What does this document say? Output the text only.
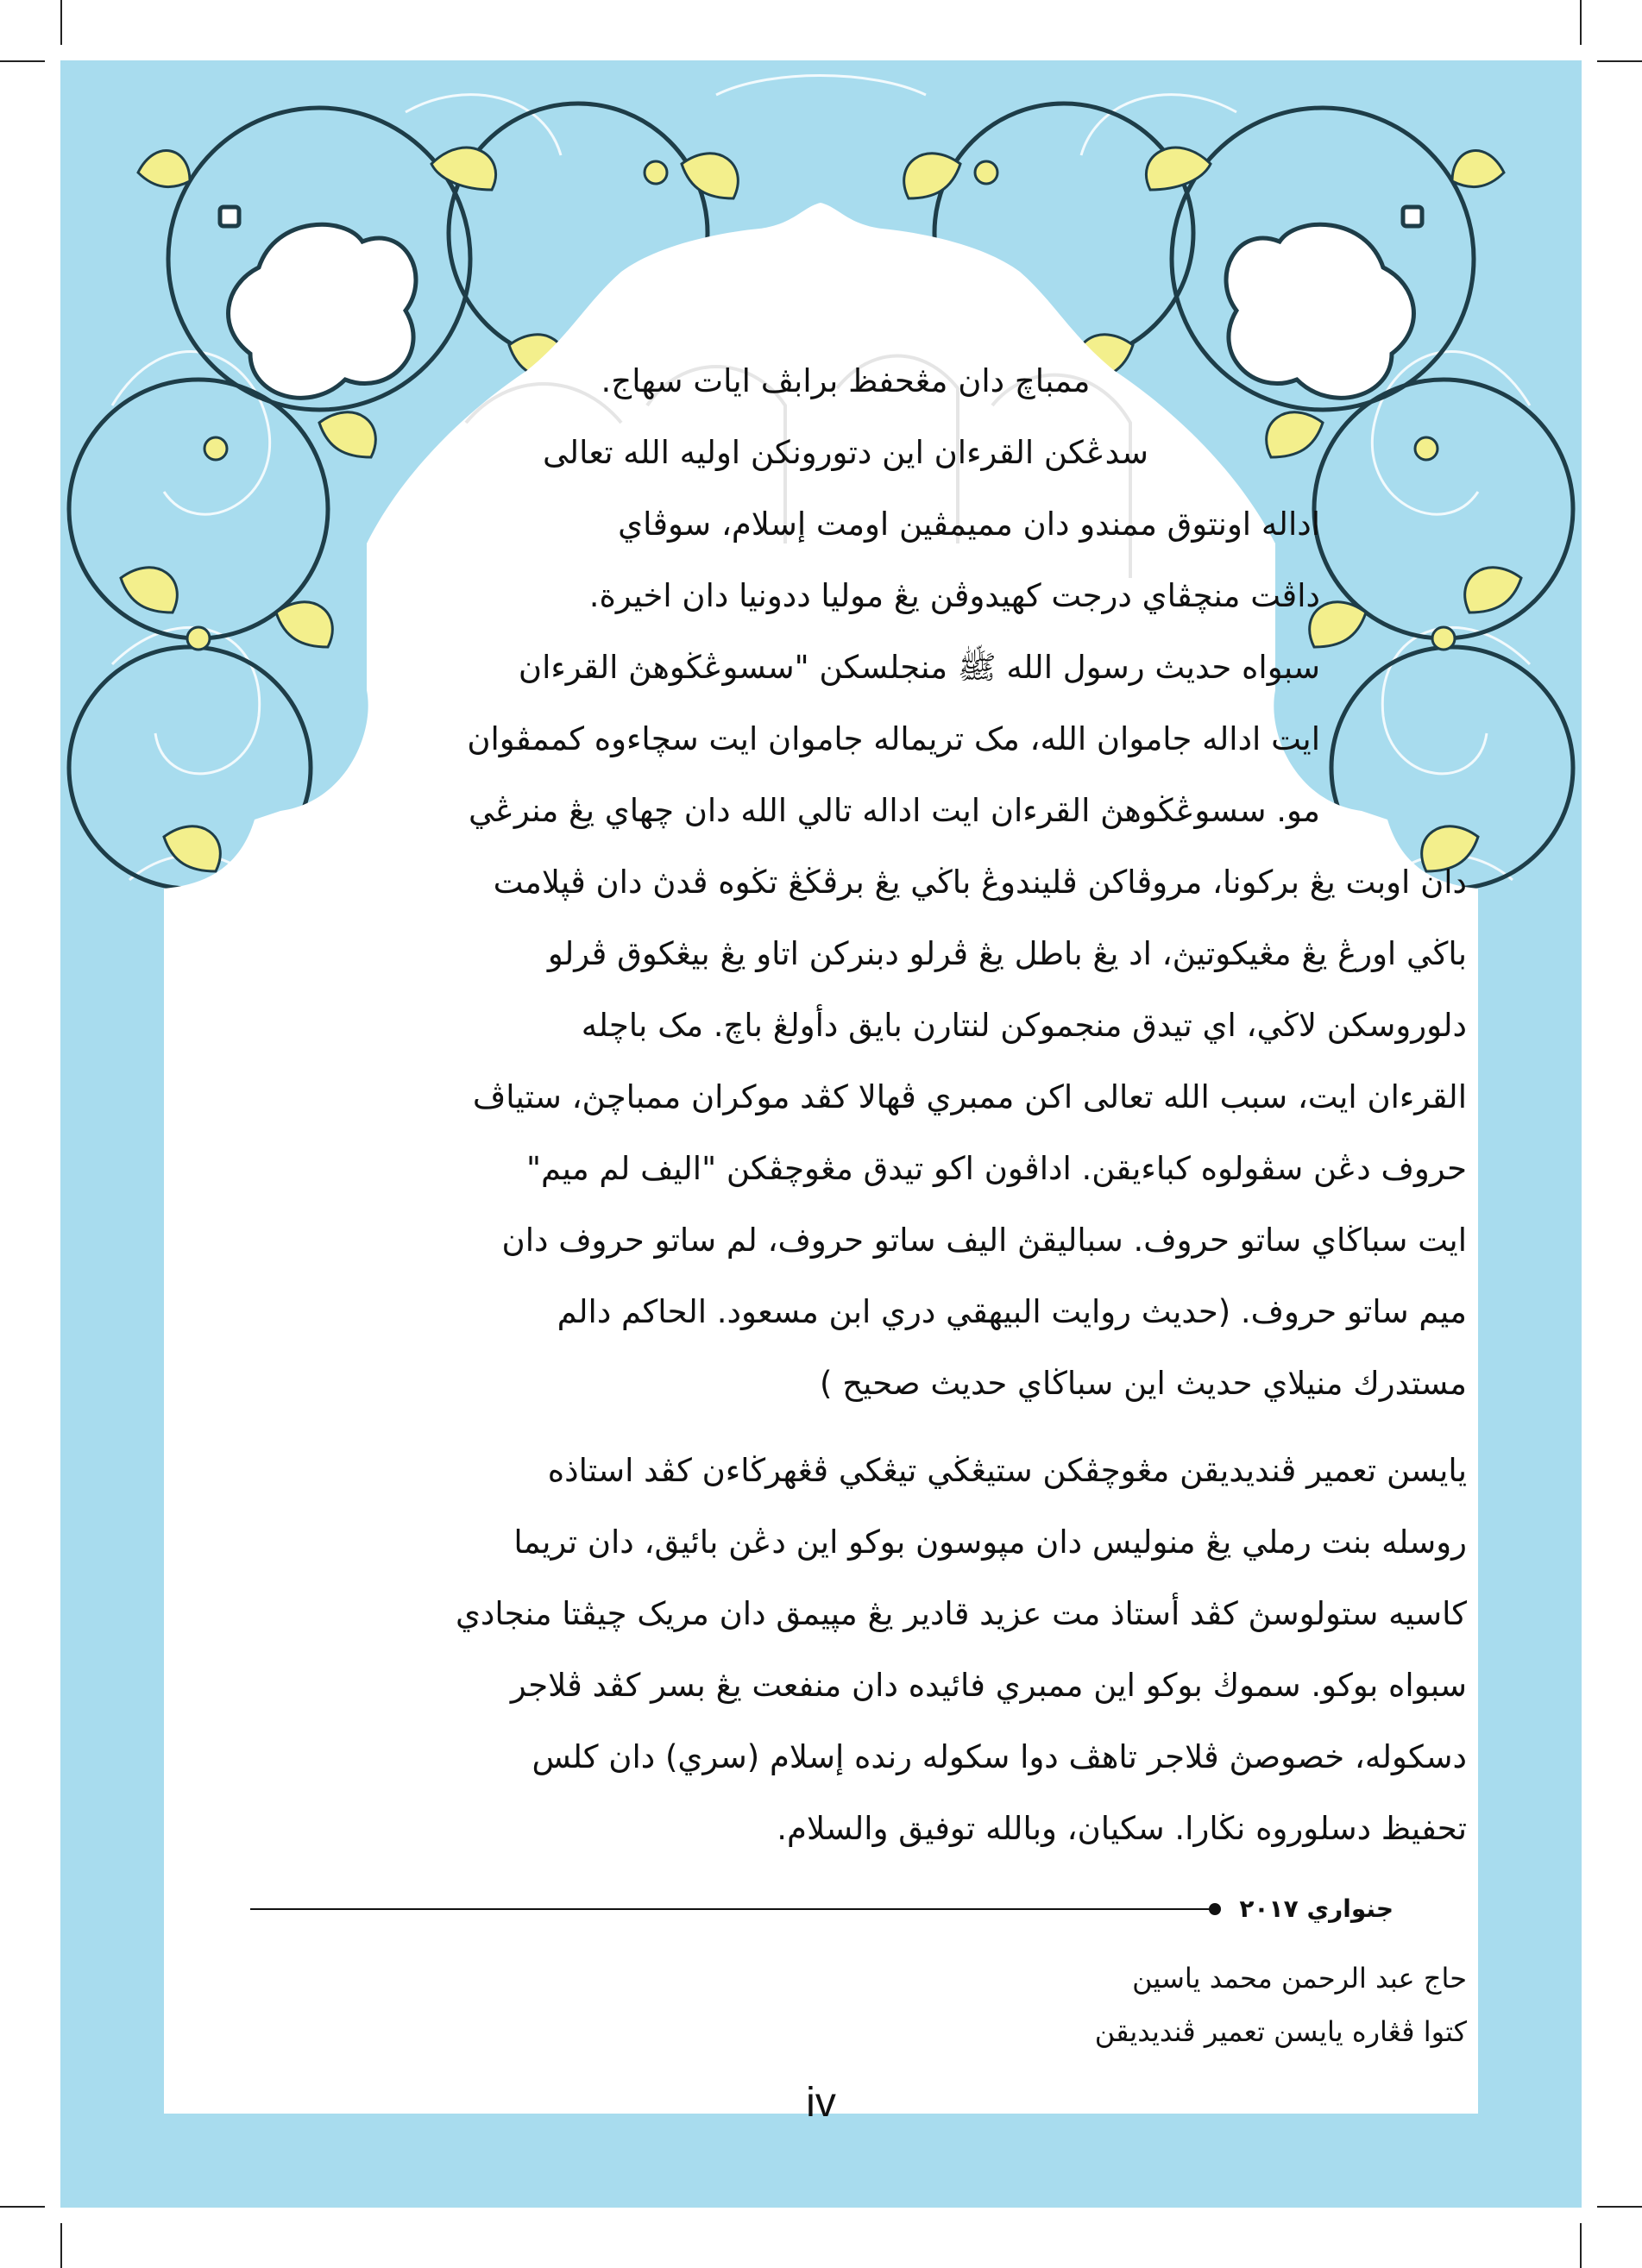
ممباچ دان مڠحفظ برابڤ ايات سهاج.

سدڠکن القرءان اين دتورونکن اوليه الله تعالى

اداله اونتوق ممندو دان ممیمڤين اومت إسلام، سوڤاي

داڤت منچڤاي درجت کهيدوڤن يڠ موليا ددونيا دان اخيرة.

سبواه حديث رسول الله ﷺ منجلسکن "سسوڠڬوهڽ القرءان

ايت اداله جاموان الله، مک تريماله جاموان ايت سچاءوه کممڤوان

مو. سسوڠڬوهڽ القرءان ايت اداله تالي الله دان چهاي يڠ منرڠي

دان اوبت يڠ برکونا، مروڤاکن ڤليندوڠ باڬي يڠ برڤڬڠ تڬوه ڤدڽ دان ڤپلامت

باڬي اورڠ يڠ مڠيکوتيڽ، اد يڠ باطل يڠ ڤرلو دبنرکن اتاو يڠ بيڠکوق ڤرلو

دلوروسکن لاڬي، اي تيدق منجموکن لنتارن بايق دأولڠ باچ. مک باچله

القرءان ايت، سبب الله تعالى اکن ممبري ڤهالا کڤد موکران ممباچڽ، ستياڤ

حروف دڠن سڤولوه کباءيقن. اداڤون اکو تيدق مڠوچڤکن "اليف لم ميم"

ايت سباڬاي ساتو حروف. سباليقڽ اليف ساتو حروف، لم ساتو حروف دان

ميم ساتو حروف. (حديث روايت البيهقي دري ابن مسعود. الحاکم دالم

مستدرك منيلاي حديث اين سباڬاي حديث صحيح )

يايسن تعمير ڤنديديقن مڠوچڤکن ستيڠڬي تيڠکي ڤڠهرڬاءن کڤد استاذه

روسله بنت رملي يڠ منوليس دان مپوسون بوکو اين دڠن بائيق، دان تريما

کاسيه ستولوسڽ کڤد أستاذ مت عزيد قادير يڠ مپيمق دان مريک چيڤتا منجادي

سبواه بوکو. سموڬ بوکو اين ممبري فائيده دان منفعت يڠ بسر کڤد ڤلاجر

دسکوله، خصوصڽ ڤلاجر تاهڤ دوا سکوله رنده إسلام (سري) دان کلس

تحفيظ دسلوروه نڬارا. سکيان، وبالله توفيق والسلام.

جنواري ٢٠١٧
حاج عبد الرحمن محمد ياسين
کتوا ڤڠاره يايسن تعمير ڤنديديقن
iv
